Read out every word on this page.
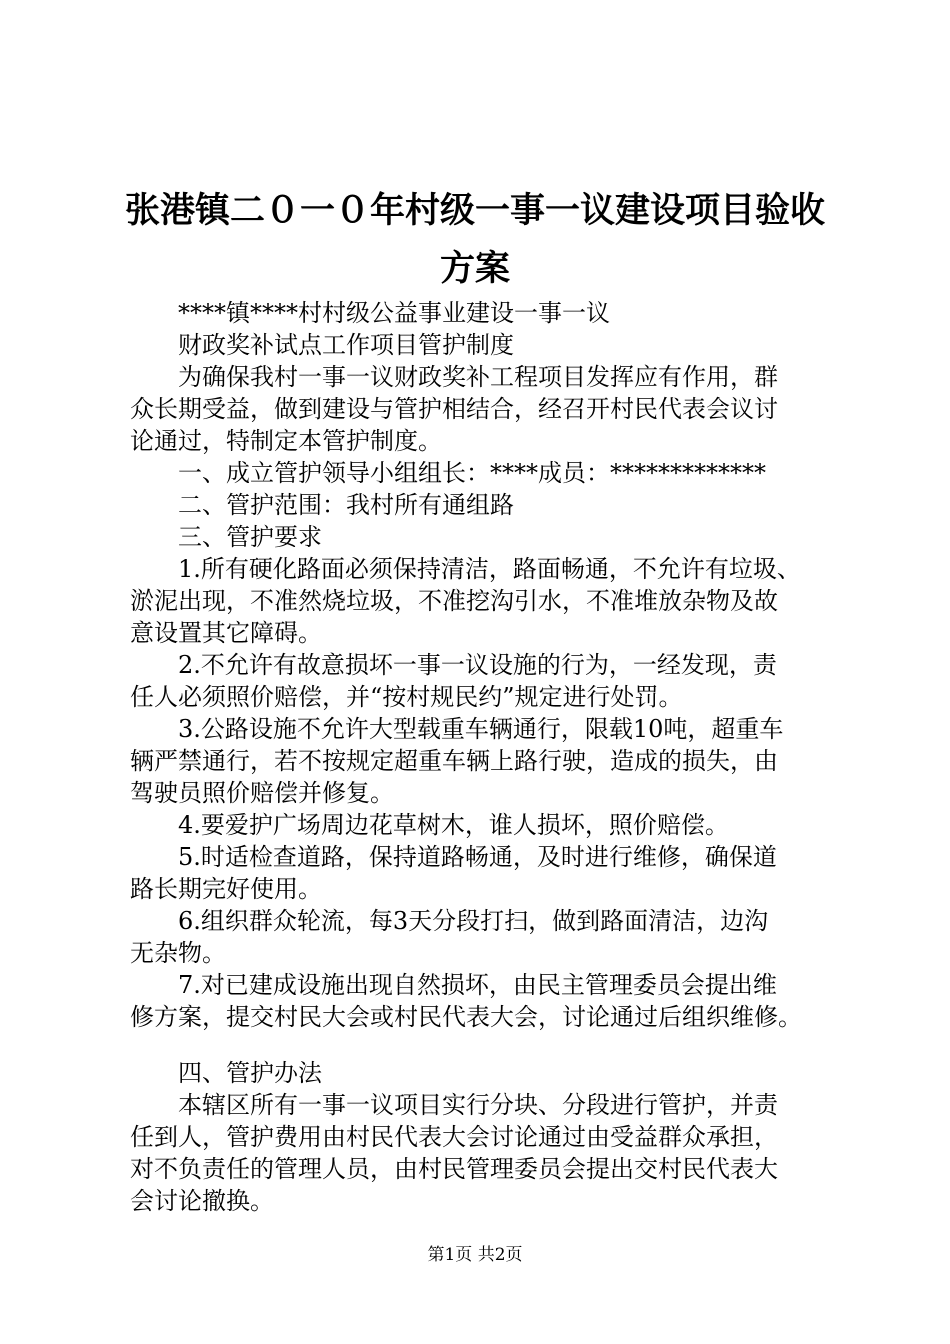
张港镇二０一０年村级一事一议建设项目验收
方案

****镇****村村级公益事业建设一事一议

财政奖补试点工作项目管护制度

为确保我村一事一议财政奖补工程项目发挥应有作用，群

众长期受益，做到建设与管护相结合，经召开村民代表会议讨

论通过，特制定本管护制度。

一、成立管护领导小组组长：****成员：*************

二、管护范围：我村所有通组路

三、管护要求

1.所有硬化路面必须保持清洁，路面畅通，不允许有垃圾、

淤泥出现，不准然烧垃圾，不准挖沟引水，不准堆放杂物及故

意设置其它障碍。

2.不允许有故意损坏一事一议设施的行为，一经发现，责

任人必须照价赔偿，并“按村规民约”规定进行处罚。

3.公路设施不允许大型载重车辆通行，限载10吨，超重车

辆严禁通行，若不按规定超重车辆上路行驶，造成的损失，由

驾驶员照价赔偿并修复。

4.要爱护广场周边花草树木，谁人损坏，照价赔偿。

5.时适检查道路，保持道路畅通，及时进行维修，确保道

路长期完好使用。

6.组织群众轮流，每3天分段打扫，做到路面清洁，边沟

无杂物。

7.对已建成设施出现自然损坏，由民主管理委员会提出维

修方案，提交村民大会或村民代表大会，讨论通过后组织维修。

四、管护办法

本辖区所有一事一议项目实行分块、分段进行管护，并责

任到人，管护费用由村民代表大会讨论通过由受益群众承担，

对不负责任的管理人员，由村民管理委员会提出交村民代表大

会讨论撤换。

第1页 共2页
